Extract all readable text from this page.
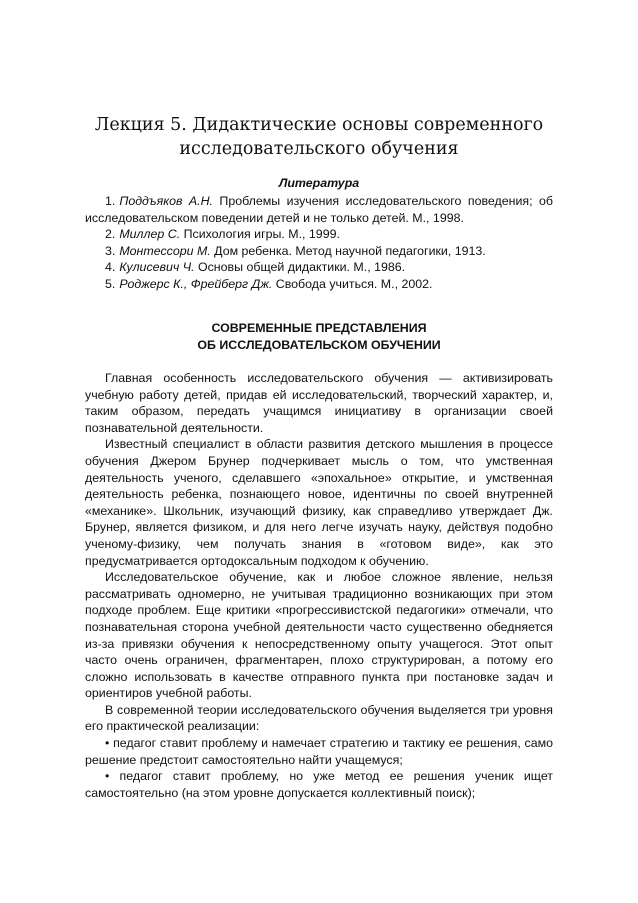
Лекция 5. Дидактические основы современного
исследовательского обучения
Литература

1. Поддъяков А.Н. Проблемы изучения исследовательского поведения; об исследовательском поведении детей и не только детей. М., 1998.

2. Миллер С. Психология игры. М., 1999.

3. Монтессори М. Дом ребенка. Метод научной педагогики, 1913.

4. Кулисевич Ч. Основы общей дидактики. М., 1986.

5. Роджерс К., Фрейберг Дж. Свобода учиться. М., 2002.

СОВРЕМЕННЫЕ ПРЕДСТАВЛЕНИЯ
ОБ ИССЛЕДОВАТЕЛЬСКОМ ОБУЧЕНИИ

Главная особенность исследовательского обучения — активизировать учебную работу детей, придав ей исследовательский, творческий характер, и, таким образом, передать учащимся инициативу в организации своей познавательной деятельности.

Известный специалист в области развития детского мышления в процессе обучения Джером Брунер подчеркивает мысль о том, что умственная деятельность ученого, сделавшего «эпохальное» открытие, и умственная деятельность ребенка, познающего новое, идентичны по своей внутренней «механике». Школьник, изучающий физику, как справедливо утверждает Дж. Брунер, является физиком, и для него легче изучать науку, действуя подобно ученому-физику, чем получать знания в «готовом виде», как это предусматривается ортодоксальным подходом к обучению.

Исследовательское обучение, как и любое сложное явление, нельзя рассматривать одномерно, не учитывая традиционно возникающих при этом подходе проблем. Еще критики «прогрессивистской педагогики» отмечали, что познавательная сторона учебной деятельности часто существенно обедняется из-за привязки обучения к непосредственному опыту учащегося. Этот опыт часто очень ограничен, фрагментарен, плохо структурирован, а потому его сложно использовать в качестве отправного пункта при постановке задач и ориентиров учебной работы.

В современной теории исследовательского обучения выделяется три уровня его практической реализации:

• педагог ставит проблему и намечает стратегию и тактику ее решения, само решение предстоит самостоятельно найти учащемуся;

• педагог ставит проблему, но уже метод ее решения ученик ищет самостоятельно (на этом уровне допускается коллективный поиск);
